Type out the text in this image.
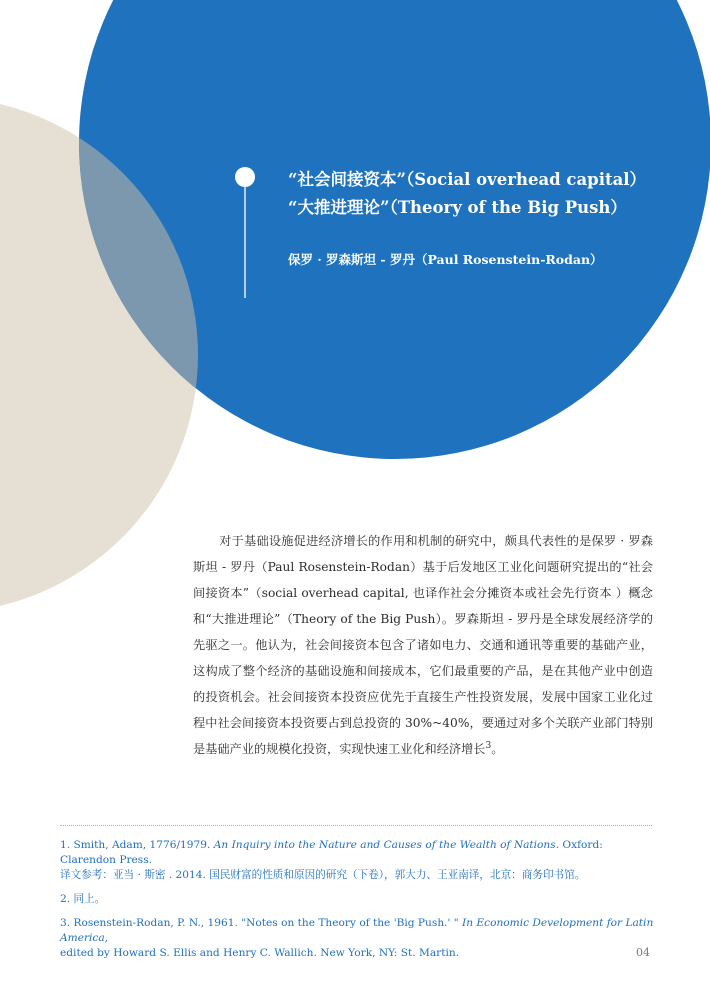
“社会间接资本”（Social overhead capital）
“大推进理论”（Theory of the Big Push）
保罗 · 罗森斯坦 - 罗丹（Paul Rosenstein-Rodan）

对于基础设施促进经济增长的作用和机制的研究中，颇具代表性的是保罗 · 罗森斯坦 - 罗丹（Paul Rosenstein-Rodan）基于后发地区工业化问题研究提出的“社会间接资本”（social overhead capital, 也译作社会分摊资本或社会先行资本 ）概念和“大推进理论”（Theory of the Big Push）。罗森斯坦 - 罗丹是全球发展经济学的先驱之一。他认为，社会间接资本包含了诸如电力、交通和通讯等重要的基础产业，这构成了整个经济的基础设施和间接成本，它们最重要的产品，是在其他产业中创造的投资机会。社会间接资本投资应优先于直接生产性投资发展，发展中国家工业化过程中社会间接资本投资要占到总投资的 30%~40%，要通过对多个关联产业部门特别是基础产业的规模化投资，实现快速工业化和经济增长$^3$。

1. Smith, Adam, 1776/1979. An Inquiry into the Nature and Causes of the Wealth of Nations. Oxford: Clarendon Press.
译文参考：亚当 · 斯密 . 2014. 国民财富的性质和原因的研究（下卷），郭大力、王亚南译，北京：商务印书馆。

2. 同上。

3. Rosenstein-Rodan, P. N., 1961. "Notes on the Theory of the 'Big Push.' " In Economic Development for Latin America,
edited by Howard S. Ellis and Henry C. Wallich. New York, NY: St. Martin.	04
